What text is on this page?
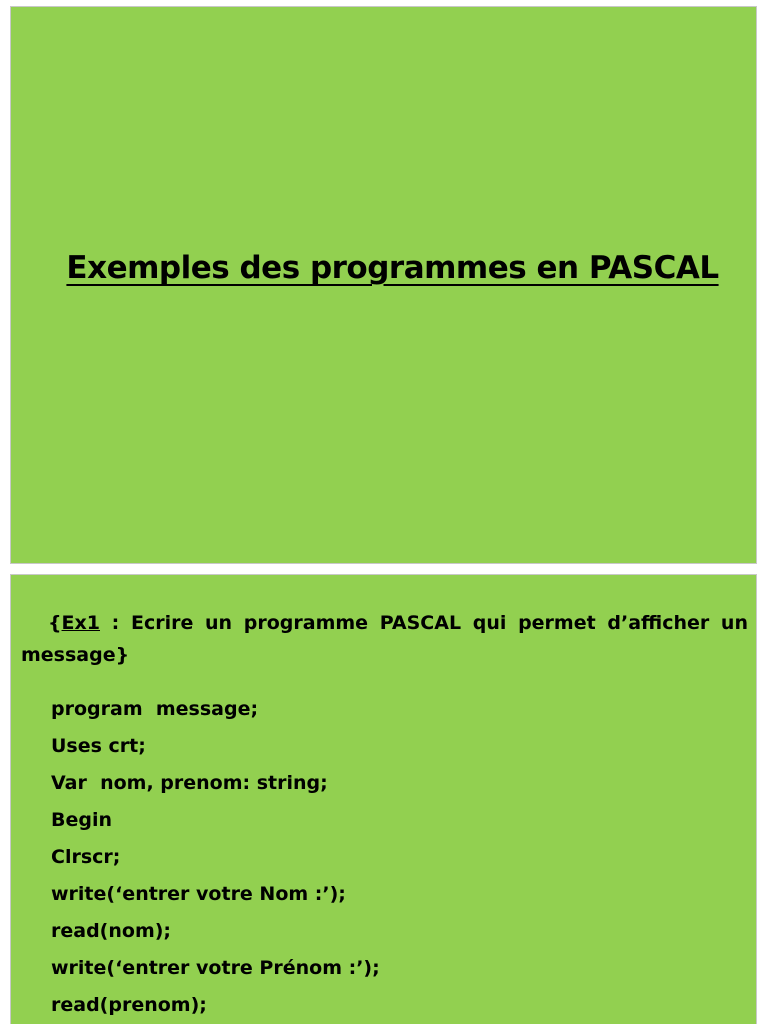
Exemples des programmes en PASCAL

{Ex1 : Ecrire un programme PASCAL qui permet d’afficher un message}

program  message;
Uses crt;
Var  nom, prenom: string;
Begin
Clrscr;
write(‘entrer votre Nom :’);
read(nom);
write(‘entrer votre Prénom :’);
read(prenom);
